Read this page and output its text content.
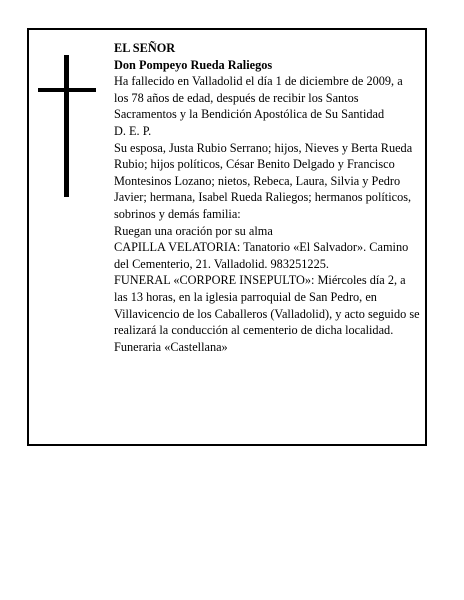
EL SEÑOR

Don Pompeyo Rueda Raliegos

Ha fallecido en Valladolid el día 1 de diciembre de 2009, a los 78 años de edad, después de recibir los Santos Sacramentos y la Bendición Apostólica de Su Santidad

D. E. P.

Su esposa, Justa Rubio Serrano; hijos, Nieves y Berta Rueda Rubio; hijos políticos, César Benito Delgado y Francisco Montesinos Lozano; nietos, Rebeca, Laura, Silvia y Pedro Javier; hermana, Isabel Rueda Raliegos; hermanos políticos, sobrinos y demás familia:

Ruegan una oración por su alma

CAPILLA VELATORIA: Tanatorio «El Salvador». Camino del Cementerio, 21. Valladolid. 983251225.

FUNERAL «CORPORE INSEPULTO»: Miércoles día 2, a las 13 horas, en la iglesia parroquial de San Pedro, en Villavicencio de los Caballeros (Valladolid), y acto seguido se realizará la conducción al cementerio de dicha localidad.

Funeraria «Castellana»
